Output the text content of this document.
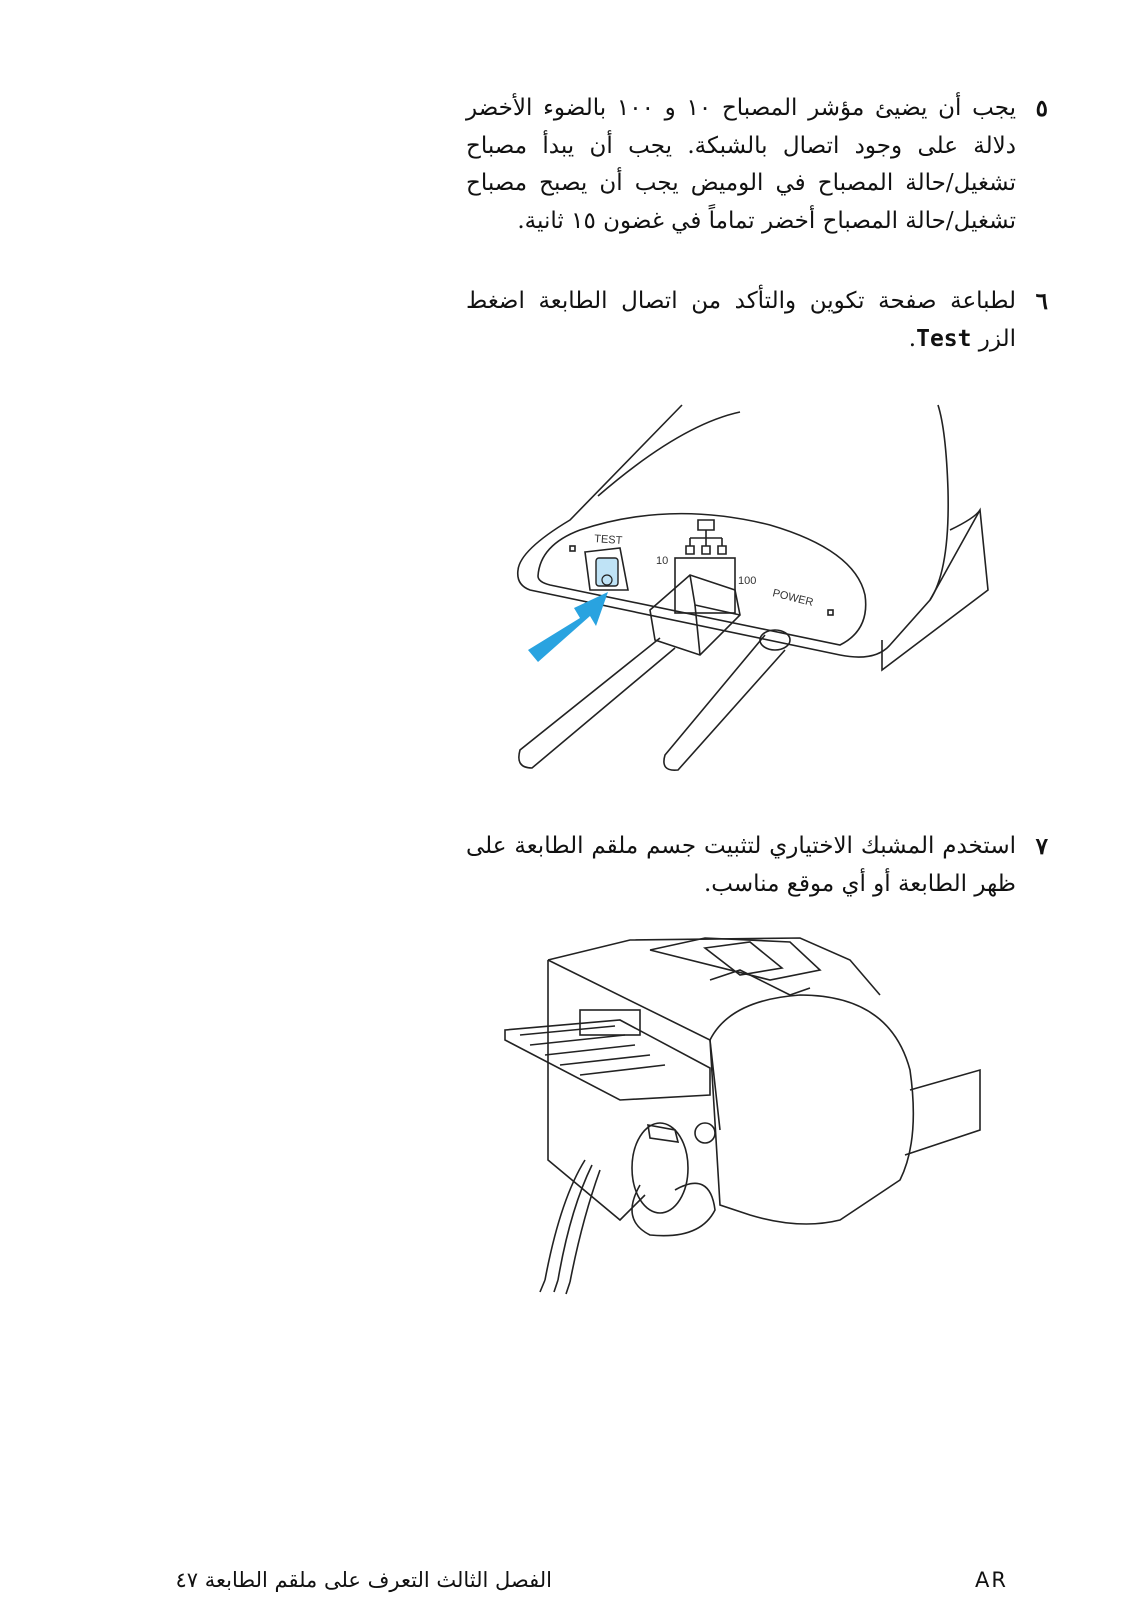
٥

يجب أن يضيئ مؤشر المصباح ١٠ و ١٠٠ بالضوء الأخضر دلالة على وجود اتصال بالشبكة. يجب أن يبدأ مصباح تشغيل/حالة المصباح في الوميض يجب أن يصبح مصباح تشغيل/حالة المصباح أخضر تماماً في غضون ١٥ ثانية.

٦

لطباعة صفحة تكوين والتأكد من اتصال الطابعة اضغط الزر Test.

TEST
10
100
POWER
٧

استخدم المشبك الاختياري لتثبيت جسم ملقم الطابعة على ظهر الطابعة أو أي موقع مناسب.

AR
الفصل الثالث التعرف على ملقم الطابعة ٤٧
